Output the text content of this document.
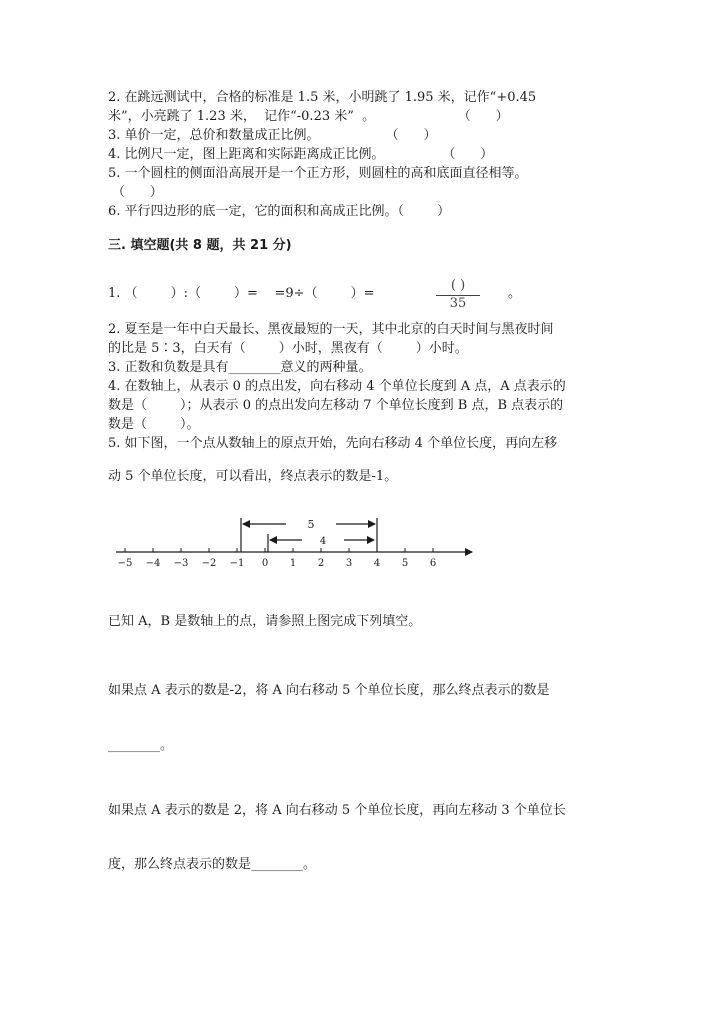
2. 在跳远测试中，合格的标准是 1.5 米，小明跳了 1.95 米，记作“+0.45
米”，小亮跳了 1.23 米，  记作“-0.23 米”  。                    （      ）
3. 单价一定，总价和数量成正比例。                （      ）
4. 比例尺一定，图上距离和实际距离成正比例。              （      ）
5. 一个圆柱的侧面沿高展开是一个正方形，则圆柱的高和底面直径相等。
（      ）
6. 平行四边形的底一定，它的面积和高成正比例。（        ）
三. 填空题(共 8 题，共 21 分)
1. （        ）:（        ）=    =9÷（        ）=
( )
35
。
2. 夏至是一年中白天最长、黑夜最短的一天，其中北京的白天时间与黑夜时间
的比是 5∶3，白天有（        ）小时，黑夜有（        ）小时。
3. 正数和负数是具有________意义的两种量。
4. 在数轴上，从表示 0 的点出发，向右移动 4 个单位长度到 A 点，A 点表示的
数是（        ）；从表示 0 的点出发向左移动 7 个单位长度到 B 点，B 点表示的
数是（        ）。
5. 如下图，一个点从数轴上的原点开始，先向右移动 4 个单位长度，再向左移
动 5 个单位长度，可以看出，终点表示的数是-1。
−5 −4 −3 −2 −1 0 1 2 3 4 5 6
5
4
已知 A，B 是数轴上的点，请参照上图完成下列填空。
如果点 A 表示的数是-2，将 A 向右移动 5 个单位长度，那么终点表示的数是
________。
如果点 A 表示的数是 2，将 A 向右移动 5 个单位长度，再向左移动 3 个单位长
度，那么终点表示的数是________。
